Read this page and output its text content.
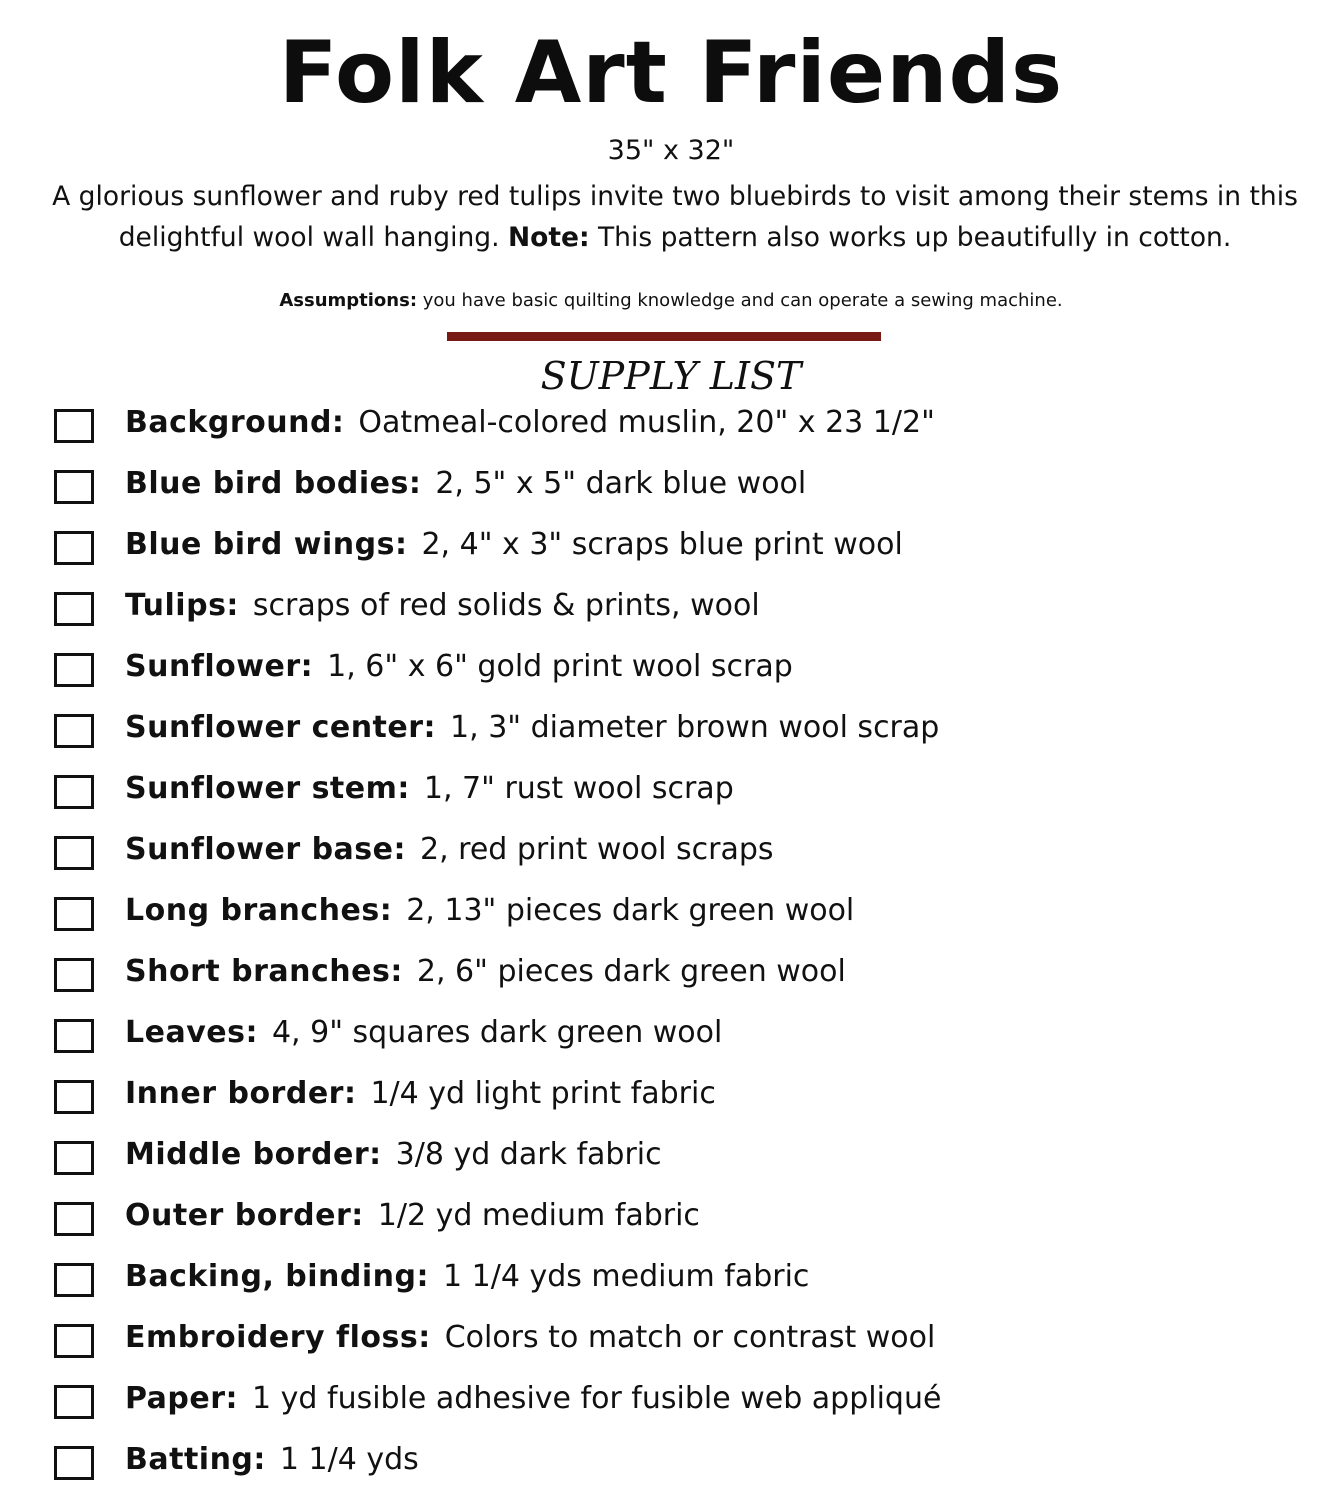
Folk Art Friends
35" x 32"
A glorious sunflower and ruby red tulips invite two bluebirds to visit among their stems in this delightful wool wall hanging. Note: This pattern also works up beautifully in cotton.
Assumptions: you have basic quilting knowledge and can operate a sewing machine.
SUPPLY LIST
Background: Oatmeal-colored muslin, 20" x 23 1/2"
Blue bird bodies: 2, 5" x 5" dark blue wool
Blue bird wings: 2, 4" x 3" scraps blue print wool
Tulips: scraps of red solids & prints, wool
Sunflower: 1, 6" x 6" gold print wool scrap
Sunflower center: 1, 3" diameter brown wool scrap
Sunflower stem: 1, 7" rust wool scrap
Sunflower base: 2, red print wool scraps
Long branches: 2, 13" pieces dark green wool
Short branches: 2, 6" pieces dark green wool
Leaves: 4, 9" squares dark green wool
Inner border: 1/4 yd light print fabric
Middle border: 3/8 yd dark fabric
Outer border: 1/2 yd medium fabric
Backing, binding: 1 1/4 yds medium fabric
Embroidery floss: Colors to match or contrast wool
Paper: 1 yd fusible adhesive for fusible web appliqué
Batting: 1 1/4 yds
